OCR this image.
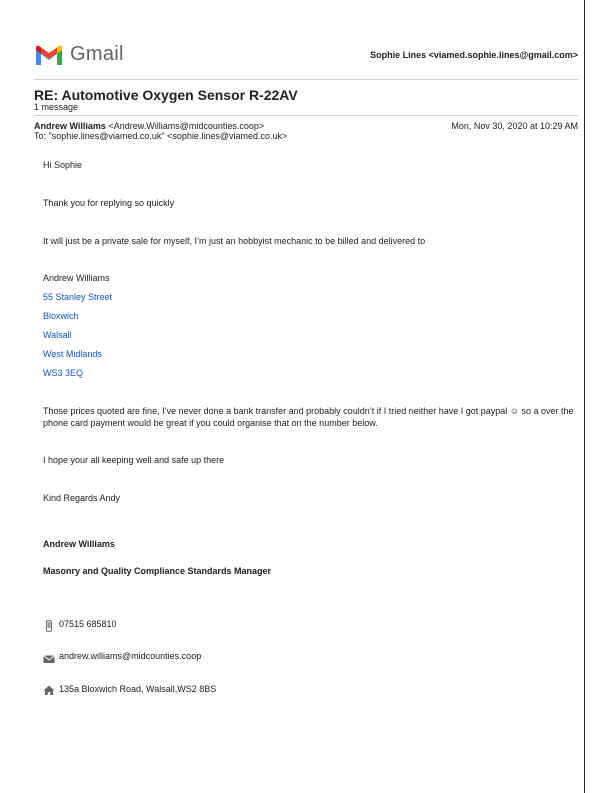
Gmail	Sophie Lines <viamed.sophie.lines@gmail.com>
RE: Automotive Oxygen Sensor R-22AV
1 message
Andrew Williams <Andrew.Williams@midcounties.coop>	Mon, Nov 30, 2020 at 10:29 AM
To: "sophie.lines@viamed.co.uk" <sophie.lines@viamed.co.uk>
Hi Sophie
Thank you for replying so quickly
It will just be a private sale for myself, I’m just an hobbyist mechanic to be billed and delivered to
Andrew Williams
55 Stanley Street
Bloxwich
Walsall
West Midlands
WS3 3EQ
Those prices quoted are fine, I’ve never done a bank transfer and probably couldn’t if I tried neither have I got paypal ☺ so a over the
phone card payment would be great if you could organise that on the number below.
I hope your all keeping well and safe up there
Kind Regards Andy
Andrew Williams
Masonry and Quality Compliance Standards Manager
07515 685810
andrew.williams@midcounties.coop
135a Bloxwich Road, Walsall,WS2 8BS
